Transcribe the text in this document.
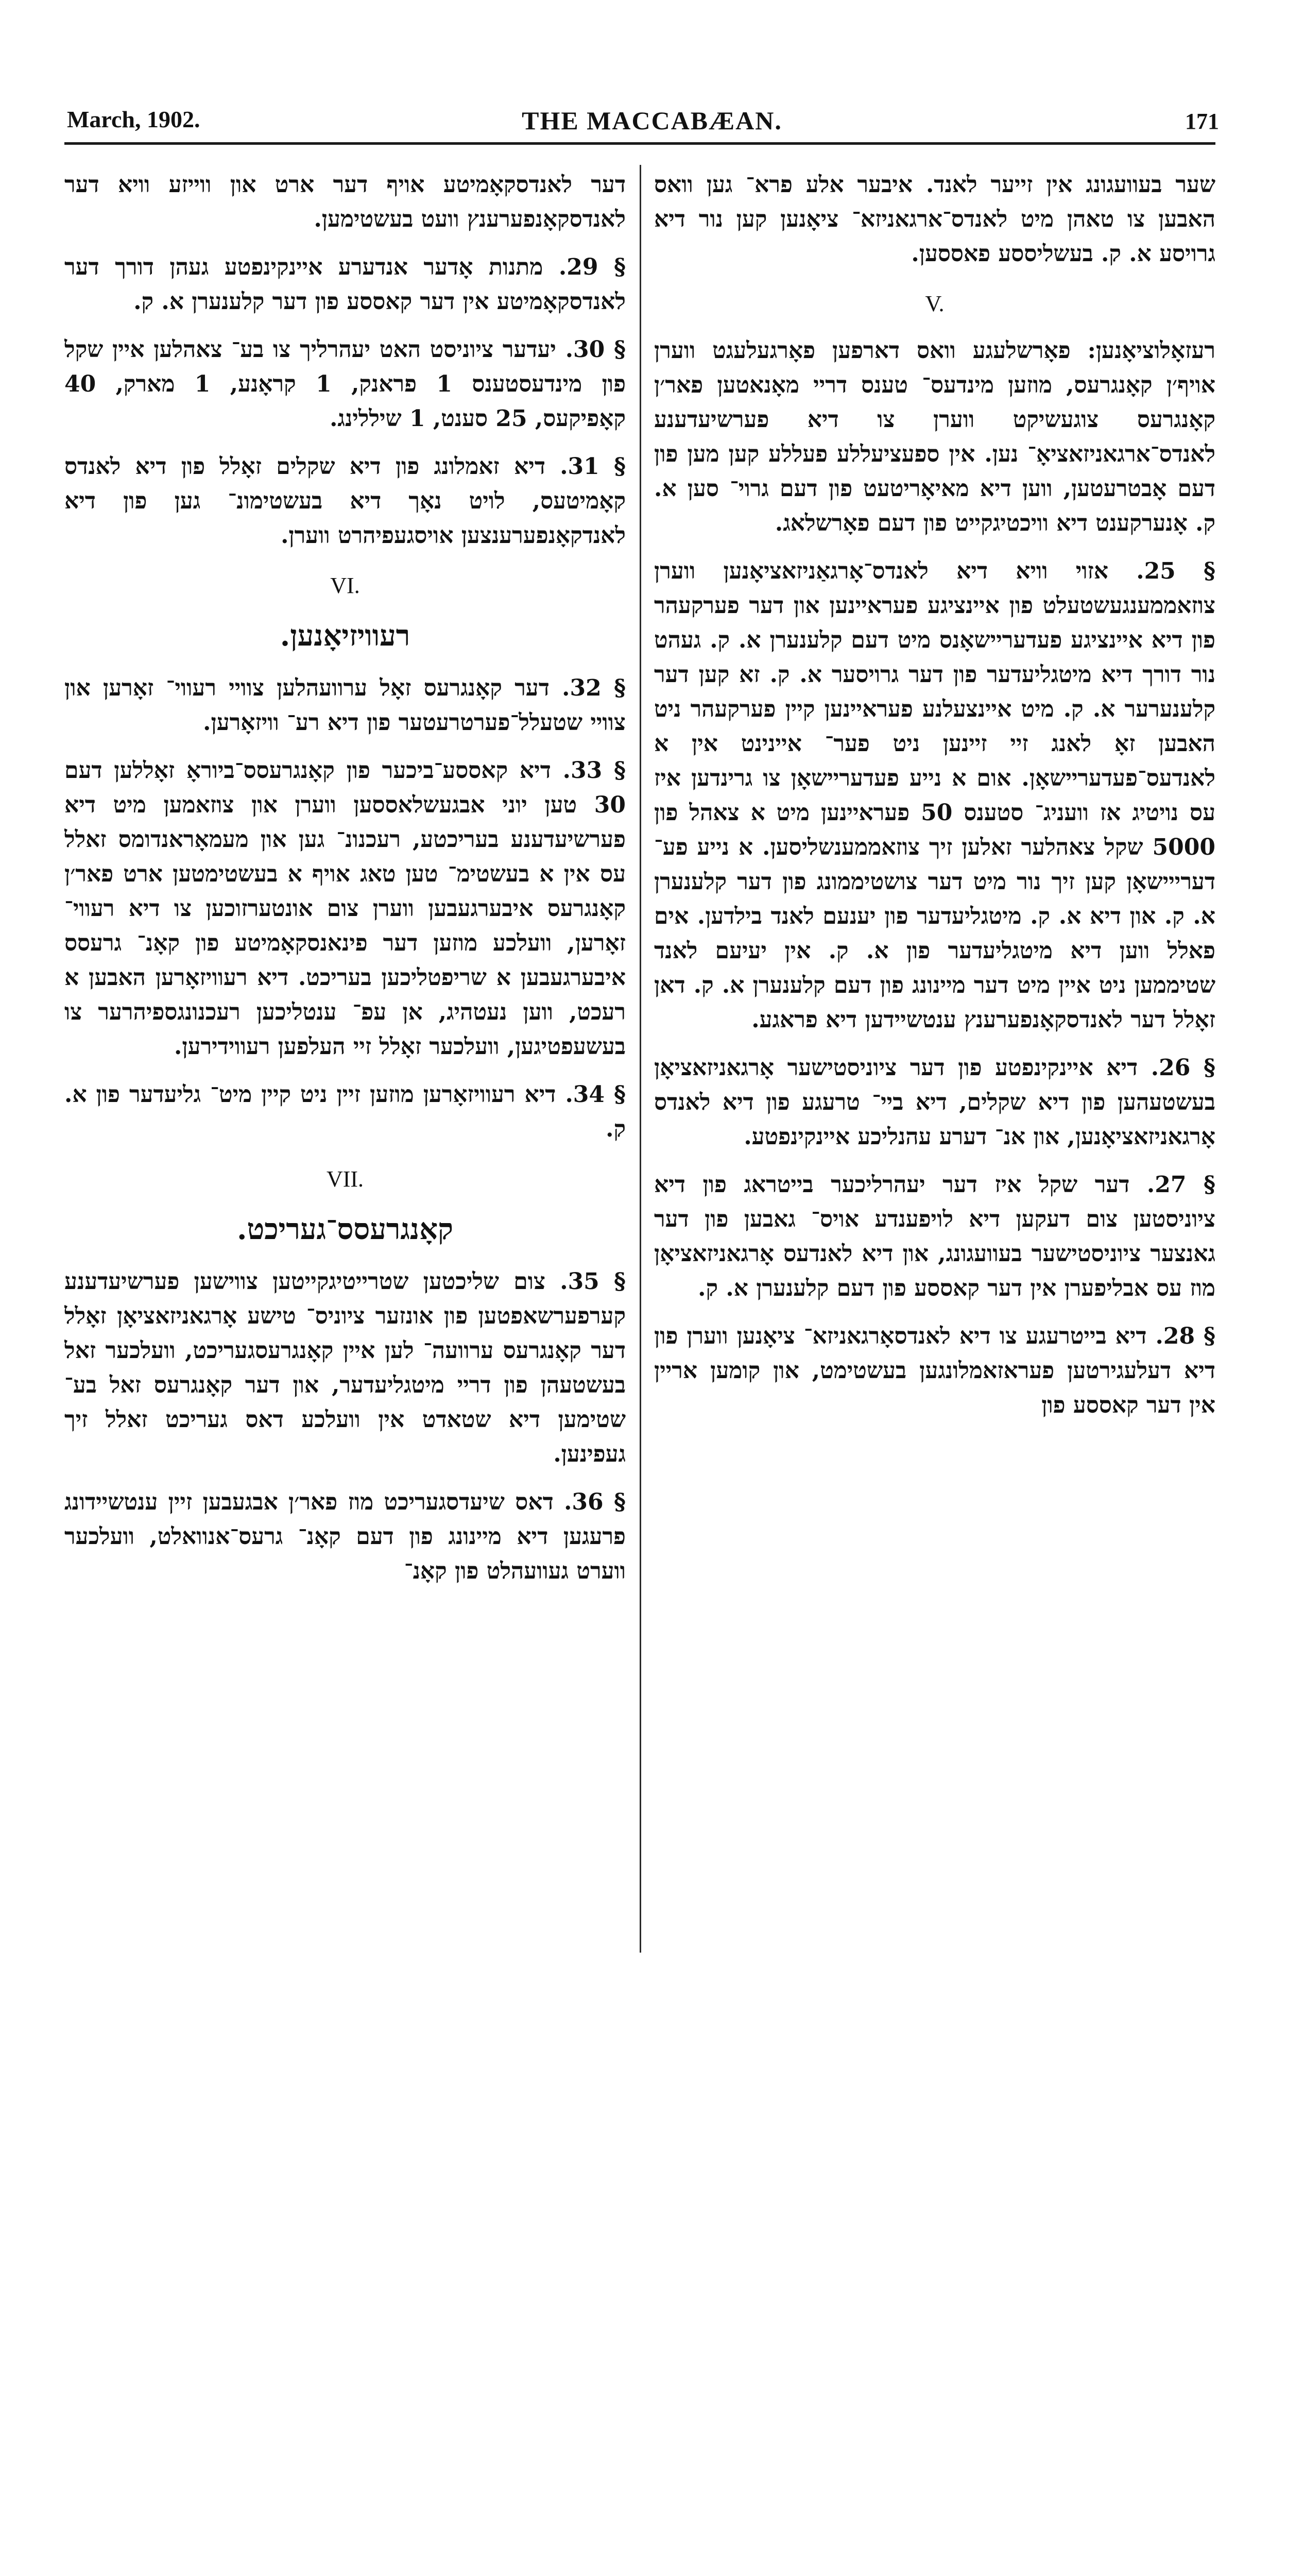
March, 1902.	THE MACCABÆAN.	171

שער בעוועגונג אין זייער לאנד. איבער אלע פרא־ גען וואס האבען צו טאהן מיט לאנדס־ארגאניזא־ ציאָנען קען נור דיא גרויסע א. ק. בעשליססע פאססען.

V.

רעזאָלוציאָנען: פאָרשלעגע וואס דארפען פאָרגעלעגט ווערן אויף׳ן קאָנגרעס, מוזען מינדעס־ טענס דריי מאָנאטען פאר׳ן קאָנגרעס צוגעשיקט ווערן צו דיא פערשיעדענע לאנדס־ארגאניזאציאָ־ נען. אין ספעציעללע פעללע קען מען פון דעם אָבטרעטען, ווען דיא מאיאָריטעט פון דעם גרוי־ סען א. ק. אָנערקענט דיא וויכטיגקייט פון דעם פאָרשלאג.

§ 25. אזוי וויא דיא לאנדס־אָרגאַניזאציאָנען ווערן צוזאממענגעשטעלט פון איינציגע פעראיינען און דער פערקעהר פון דיא איינציגע פעדעריישאָנס מיט דעם קלענערן א. ק. געהט נור דורך דיא מיטגליעדער פון דער גרויסער א. ק. זא קען דער קלענערער א. ק. מיט איינצעלנע פעראיינען קיין פערקעהר ניט האבען זאָ לאנג זיי זיינען ניט פער־ איינינט אין א לאנדעס־פעדעריישאָן. אום א נייע פעדעריישאָן צו גרינדען איז עס נויטיג אז וועניג־ סטענס 50 פעראיינען מיט א צאהל פון 5000 שקל צאהלער זאלען זיך צוזאממענשליסען. א נייע פע־ דערייישאָן קען זיך נור מיט דער צושטיממונג פון דער קלענערן א. ק. און דיא א. ק. מיטגליעדער פון יענעם לאנד בילדען. אים פאלל ווען דיא מיטגליעדער פון א. ק. אין יעיעם לאנד שטיממען ניט איין מיט דער מיינונג פון דעם קלענערן א. ק. דאן זאָלל דער לאנדסקאָנפערענץ ענטשיידען דיא פראגע.

§ 26. דיא איינקינפטע פון דער ציוניסטישער אָרגאניזאציאָן בעשטעהען פון דיא שקלים, דיא ביי־ טרעגע פון דיא לאנדס אָרגאניזאציאָנען, און אנ־ דערע עהנליכע איינקינפטע.

§ 27. דער שקל איז דער יעהרליכער בייטראג פון דיא ציוניסטען צום דעקען דיא לויפענדע אויס־ גאבען פון דער גאנצער ציוניסטישער בעוועגונג, און דיא לאנדעס אָרגאניזאציאָן מוז עס אבליפערן אין דער קאססע פון דעם קלענערן א. ק.

§ 28. דיא בייטרעגע צו דיא לאנדסאָרגאניזא־ ציאָנען ווערן פון דיא דעלעגירטען פעראזאמלונגען בעשטימט, און קומען אריין אין דער קאססע פון

דער לאנדסקאָמיטע אויף דער ארט און ווייזע וויא דער לאנדסקאָנפערענץ וועט בעשטימען.

§ 29. מתנות אָדער אנדערע איינקינפטע געהן דורך דער לאנדסקאָמיטע אין דער קאססע פון דער קלענערן א. ק.

§ 30. יעדער ציוניסט האט יעהרליך צו בע־ צאהלען איין שקל פון מינדעסטענס 1 פראנק, 1 קראָנע, 1 מארק, 40 קאָפיקעס, 25 סענט, 1 שיללינג.

§ 31. דיא זאמלונג פון דיא שקלים זאָלל פון דיא לאנדס קאָמיטעס, לויט נאָך דיא בעשטימונ־ גען פון דיא לאנדקאָנפערענצען אויסגעפיהרט ווערן.

VI.
רעוויזיאָנען.

§ 32. דער קאָנגרעס זאָל ערוועהלען צוויי רעווי־ זאָרען און צוויי שטעלל־פערטרעטער פון דיא רע־ וויזאָרען.

§ 33. דיא קאססע־ביכער פון קאָנגרעסס־ביוראָ זאָללען דעם 30 טען יוני אבגעשלאססען ווערן און צוזאמען מיט דיא פערשיעדענע בעריכטע, רעכנונ־ גען און מעמאָראנדומס זאלל עס אין א בעשטימ־ טען טאג אויף א בעשטימטען ארט פאר׳ן קאָנגרעס איבערגעבען ווערן צום אונטערזוכען צו דיא רעווי־ זאָרען, וועלכע מוזען דער פינאנסקאָמיטע פון קאָנ־ גרעסס איבערגעבען א שריפטליכען בעריכט. דיא רעוויזאָרען האבען א רעכט, ווען נעטהיג, אן עפ־ ענטליכען רעכנונגספיהרער צו בעשעפטיגען, וועלכער זאָלל זיי העלפען רעווידירען.

§ 34. דיא רעוויזאָרען מוזען זיין ניט קיין מיט־ גליעדער פון א. ק.

VII.
קאָנגרעסס־געריכט.

§ 35. צום שליכטען שטרייטיגקייטען צווישען פערשיעדענע קערפערשאפטען פון אונזער ציוניס־ טישע אָרגאניזאציאָן זאָלל דער קאָנגרעס ערוועה־ לען איין קאָנגרעסגעריכט, וועלכער זאל בעשטעהן פון דריי מיטגליעדער, און דער קאָנגרעס זאל בע־ שטימען דיא שטאדט אין וועלכע דאס געריכט זאלל זיך געפינען.

§ 36. דאס שיעדסגעריכט מוז פאר׳ן אבגעבען זיין ענטשיידונג פרעגען דיא מיינונג פון דעם קאָנ־ גרעס־אנוואלט, וועלכער ווערט געוועהלט פון קאָנ־
